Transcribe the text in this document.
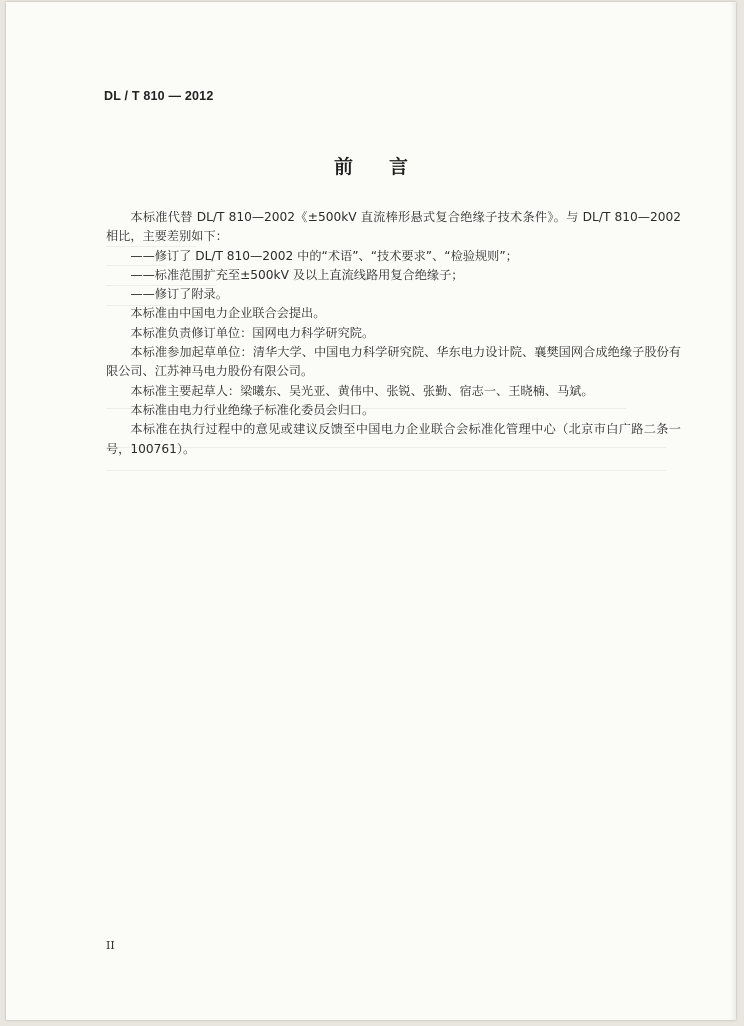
DL / T 810 — 2012
前言

本标准代替 DL/T 810—2002《±500kV 直流棒形悬式复合绝缘子技术条件》。与 DL/T 810—2002 相比，主要差别如下：

——修订了 DL/T 810—2002 中的“术语”、“技术要求”、“检验规则”；

——标准范围扩充至±500kV 及以上直流线路用复合绝缘子；

——修订了附录。

本标准由中国电力企业联合会提出。

本标准负责修订单位：国网电力科学研究院。

本标准参加起草单位：清华大学、中国电力科学研究院、华东电力设计院、襄樊国网合成绝缘子股份有限公司、江苏神马电力股份有限公司。

本标准主要起草人：梁曦东、吴光亚、黄伟中、张锐、张勤、宿志一、王晓楠、马斌。

本标准由电力行业绝缘子标准化委员会归口。

本标准在执行过程中的意见或建议反馈至中国电力企业联合会标准化管理中心（北京市白广路二条一号，100761）。

II
